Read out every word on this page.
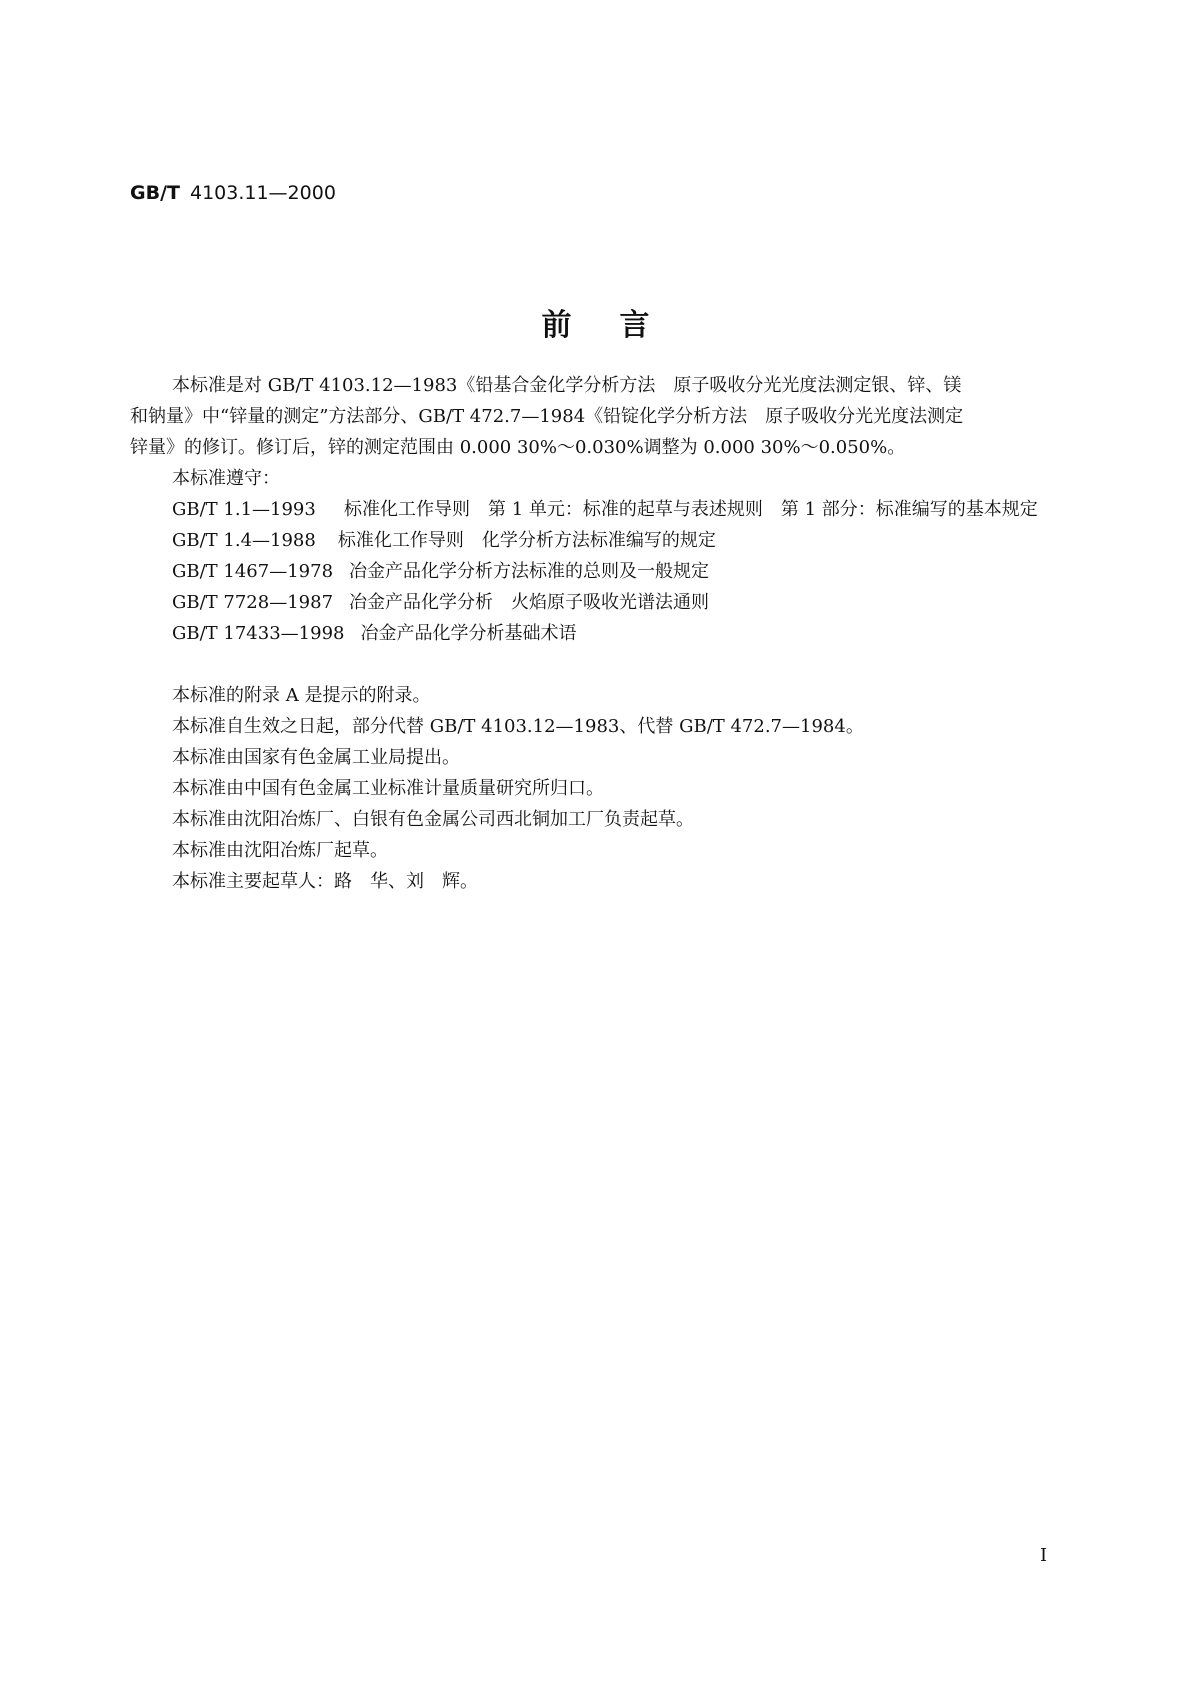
GB/T 4103.11—2000
前言
本标准是对 GB/T 4103.12—1983《铅基合金化学分析方法　原子吸收分光光度法测定银、锌、镁
和钠量》中“锌量的测定”方法部分、GB/T 472.7—1984《铅锭化学分析方法　原子吸收分光光度法测定
锌量》的修订。修订后，锌的测定范围由 0.000 30%～0.030%调整为 0.000 30%～0.050%。
本标准遵守：
GB/T 1.1—1993	标准化工作导则　第 1 单元：标准的起草与表述规则　第 1 部分：标准编写的基本规定
GB/T 1.4—1988 标准化工作导则　化学分析方法标准编写的规定
GB/T 1467—1978 冶金产品化学分析方法标准的总则及一般规定
GB/T 7728—1987 冶金产品化学分析　火焰原子吸收光谱法通则
GB/T 17433—1998 冶金产品化学分析基础术语
本标准的附录 A 是提示的附录。
本标准自生效之日起，部分代替 GB/T 4103.12—1983、代替 GB/T 472.7—1984。
本标准由国家有色金属工业局提出。
本标准由中国有色金属工业标准计量质量研究所归口。
本标准由沈阳冶炼厂、白银有色金属公司西北铜加工厂负责起草。
本标准由沈阳冶炼厂起草。
本标准主要起草人：路　华、刘　辉。
I
